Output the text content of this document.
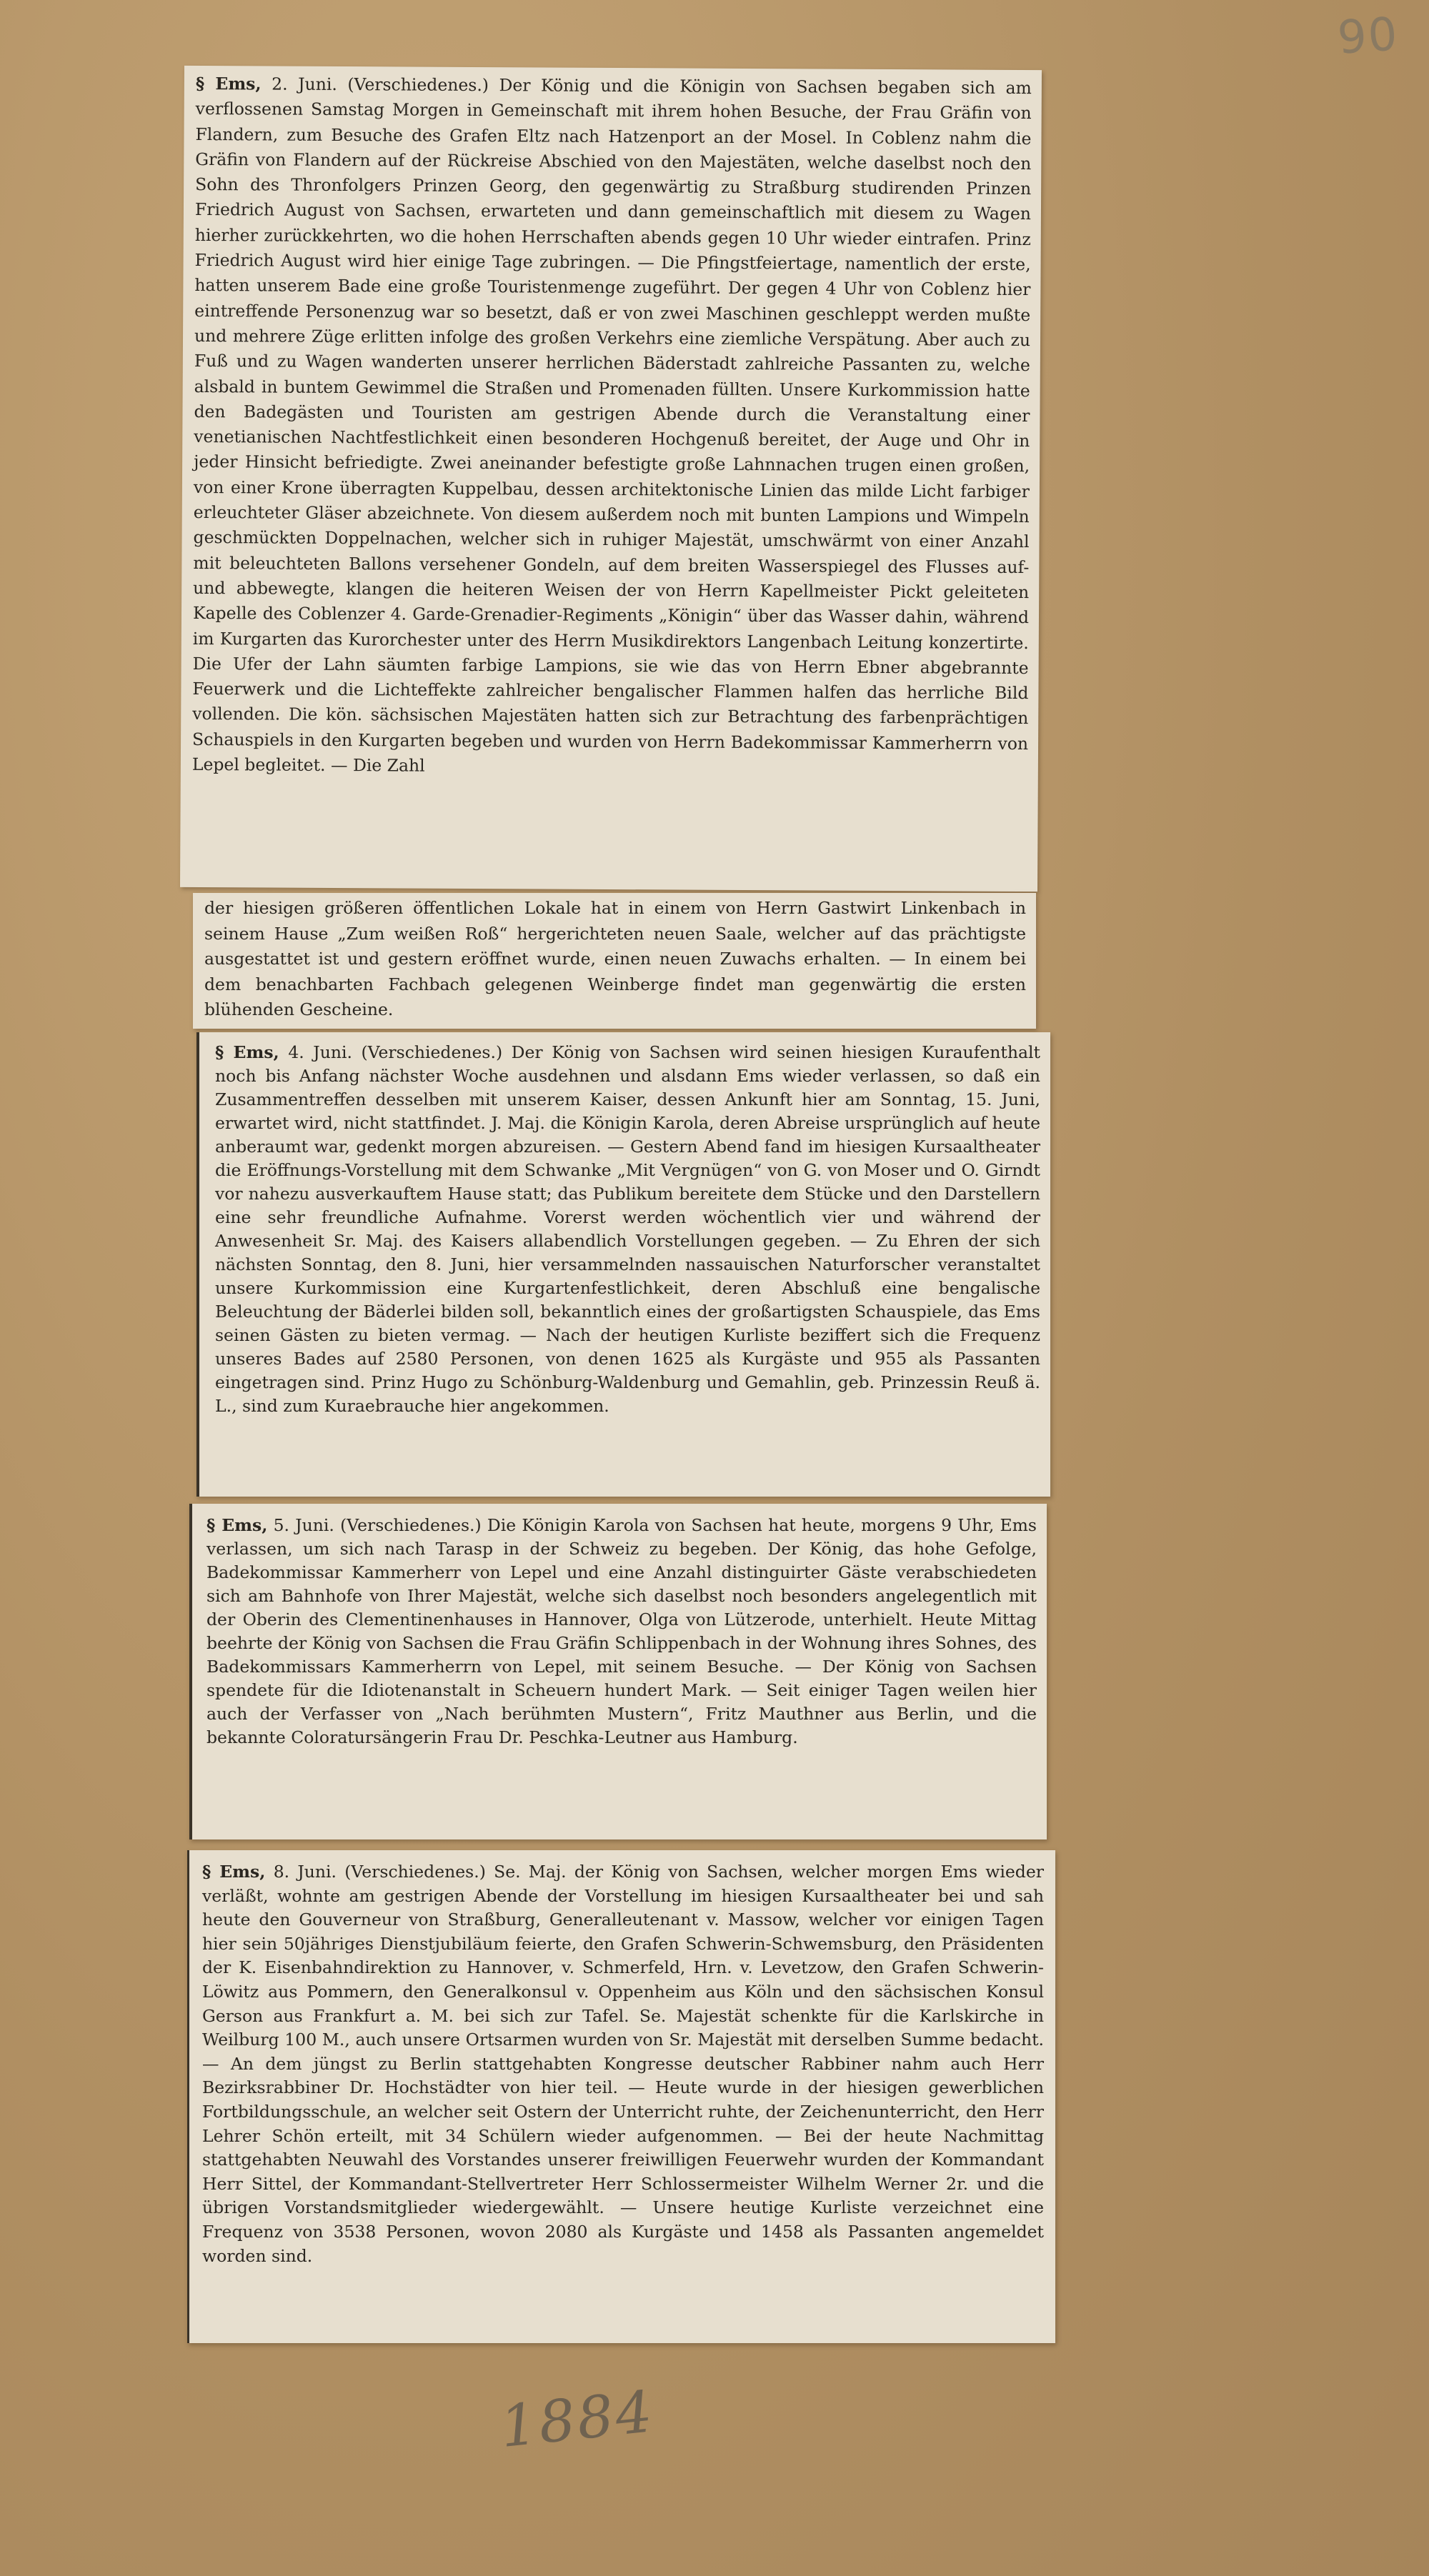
90

§ Ems, 2. Juni. (Verschiedenes.) Der König und die Königin von Sachsen begaben sich am verflossenen Samstag Morgen in Gemeinschaft mit ihrem hohen Besuche, der Frau Gräfin von Flandern, zum Besuche des Grafen Eltz nach Hatzenport an der Mosel. In Coblenz nahm die Gräfin von Flandern auf der Rückreise Abschied von den Majestäten, welche daselbst noch den Sohn des Thronfolgers Prinzen Georg, den gegenwärtig zu Straßburg studirenden Prinzen Friedrich August von Sachsen, erwarteten und dann gemeinschaftlich mit diesem zu Wagen hierher zurückkehrten, wo die hohen Herrschaften abends gegen 10 Uhr wieder eintrafen. Prinz Friedrich August wird hier einige Tage zubringen. — Die Pfingstfeiertage, namentlich der erste, hatten unserem Bade eine große Touristenmenge zugeführt. Der gegen 4 Uhr von Coblenz hier eintreffende Personenzug war so besetzt, daß er von zwei Maschinen geschleppt werden mußte und mehrere Züge erlitten infolge des großen Verkehrs eine ziemliche Verspätung. Aber auch zu Fuß und zu Wagen wanderten unserer herrlichen Bäderstadt zahlreiche Passanten zu, welche alsbald in buntem Gewimmel die Straßen und Promenaden füllten. Unsere Kurkommission hatte den Badegästen und Touristen am gestrigen Abende durch die Veranstaltung einer venetianischen Nachtfestlichkeit einen besonderen Hochgenuß bereitet, der Auge und Ohr in jeder Hinsicht befriedigte. Zwei aneinander befestigte große Lahnnachen trugen einen großen, von einer Krone überragten Kuppelbau, dessen architektonische Linien das milde Licht farbiger erleuchteter Gläser abzeichnete. Von diesem außerdem noch mit bunten Lampions und Wimpeln geschmückten Doppelnachen, welcher sich in ruhiger Majestät, umschwärmt von einer Anzahl mit beleuchteten Ballons versehener Gondeln, auf dem breiten Wasserspiegel des Flusses auf- und abbewegte, klangen die heiteren Weisen der von Herrn Kapellmeister Pickt geleiteten Kapelle des Coblenzer 4. Garde-Grenadier-Regiments „Königin“ über das Wasser dahin, während im Kurgarten das Kurorchester unter des Herrn Musikdirektors Langenbach Leitung konzertirte. Die Ufer der Lahn säumten farbige Lampions, sie wie das von Herrn Ebner abgebrannte Feuerwerk und die Lichteffekte zahlreicher bengalischer Flammen halfen das herrliche Bild vollenden. Die kön. sächsischen Majestäten hatten sich zur Betrachtung des farbenprächtigen Schauspiels in den Kurgarten begeben und wurden von Herrn Badekommissar Kammerherrn von Lepel begleitet. — Die Zahl

der hiesigen größeren öffentlichen Lokale hat in einem von Herrn Gastwirt Linkenbach in seinem Hause „Zum weißen Roß“ hergerichteten neuen Saale, welcher auf das prächtigste ausgestattet ist und gestern eröffnet wurde, einen neuen Zuwachs erhalten. — In einem bei dem benachbarten Fachbach gelegenen Weinberge findet man gegenwärtig die ersten blühenden Gescheine.

§ Ems, 4. Juni. (Verschiedenes.) Der König von Sachsen wird seinen hiesigen Kuraufenthalt noch bis Anfang nächster Woche ausdehnen und alsdann Ems wieder verlassen, so daß ein Zusammentreffen desselben mit unserem Kaiser, dessen Ankunft hier am Sonntag, 15. Juni, erwartet wird, nicht stattfindet. J. Maj. die Königin Karola, deren Abreise ursprünglich auf heute anberaumt war, gedenkt morgen abzureisen. — Gestern Abend fand im hiesigen Kursaaltheater die Eröffnungs-Vorstellung mit dem Schwanke „Mit Vergnügen“ von G. von Moser und O. Girndt vor nahezu ausverkauftem Hause statt; das Publikum bereitete dem Stücke und den Darstellern eine sehr freundliche Aufnahme. Vorerst werden wöchentlich vier und während der Anwesenheit Sr. Maj. des Kaisers allabendlich Vorstellungen gegeben. — Zu Ehren der sich nächsten Sonntag, den 8. Juni, hier versammelnden nassauischen Naturforscher veranstaltet unsere Kurkommission eine Kurgartenfestlichkeit, deren Abschluß eine bengalische Beleuchtung der Bäderlei bilden soll, bekanntlich eines der großartigsten Schauspiele, das Ems seinen Gästen zu bieten vermag. — Nach der heutigen Kurliste beziffert sich die Frequenz unseres Bades auf 2580 Personen, von denen 1625 als Kurgäste und 955 als Passanten eingetragen sind. Prinz Hugo zu Schönburg-Waldenburg und Gemahlin, geb. Prinzessin Reuß ä. L., sind zum Kuraebrauche hier angekommen.

§ Ems, 5. Juni. (Verschiedenes.) Die Königin Karola von Sachsen hat heute, morgens 9 Uhr, Ems verlassen, um sich nach Tarasp in der Schweiz zu begeben. Der König, das hohe Gefolge, Badekommissar Kammerherr von Lepel und eine Anzahl distinguirter Gäste verabschiedeten sich am Bahnhofe von Ihrer Majestät, welche sich daselbst noch besonders angelegentlich mit der Oberin des Clementinenhauses in Hannover, Olga von Lützerode, unterhielt. Heute Mittag beehrte der König von Sachsen die Frau Gräfin Schlippenbach in der Wohnung ihres Sohnes, des Badekommissars Kammerherrn von Lepel, mit seinem Besuche. — Der König von Sachsen spendete für die Idiotenanstalt in Scheuern hundert Mark. — Seit einiger Tagen weilen hier auch der Verfasser von „Nach berühmten Mustern“, Fritz Mauthner aus Berlin, und die bekannte Coloratursängerin Frau Dr. Peschka-Leutner aus Hamburg.

§ Ems, 8. Juni. (Verschiedenes.) Se. Maj. der König von Sachsen, welcher morgen Ems wieder verläßt, wohnte am gestrigen Abende der Vorstellung im hiesigen Kursaaltheater bei und sah heute den Gouverneur von Straßburg, Generalleutenant v. Massow, welcher vor einigen Tagen hier sein 50jähriges Dienstjubiläum feierte, den Grafen Schwerin-Schwemsburg, den Präsidenten der K. Eisenbahndirektion zu Hannover, v. Schmerfeld, Hrn. v. Levetzow, den Grafen Schwerin-Löwitz aus Pommern, den Generalkonsul v. Oppenheim aus Köln und den sächsischen Konsul Gerson aus Frankfurt a. M. bei sich zur Tafel. Se. Majestät schenkte für die Karlskirche in Weilburg 100 M., auch unsere Ortsarmen wurden von Sr. Majestät mit derselben Summe bedacht. — An dem jüngst zu Berlin stattgehabten Kongresse deutscher Rabbiner nahm auch Herr Bezirksrabbiner Dr. Hochstädter von hier teil. — Heute wurde in der hiesigen gewerblichen Fortbildungsschule, an welcher seit Ostern der Unterricht ruhte, der Zeichenunterricht, den Herr Lehrer Schön erteilt, mit 34 Schülern wieder aufgenommen. — Bei der heute Nachmittag stattgehabten Neuwahl des Vorstandes unserer freiwilligen Feuerwehr wurden der Kommandant Herr Sittel, der Kommandant-Stellvertreter Herr Schlossermeister Wilhelm Werner 2r. und die übrigen Vorstandsmitglieder wiedergewählt. — Unsere heutige Kurliste verzeichnet eine Frequenz von 3538 Personen, wovon 2080 als Kurgäste und 1458 als Passanten angemeldet worden sind.

1884
